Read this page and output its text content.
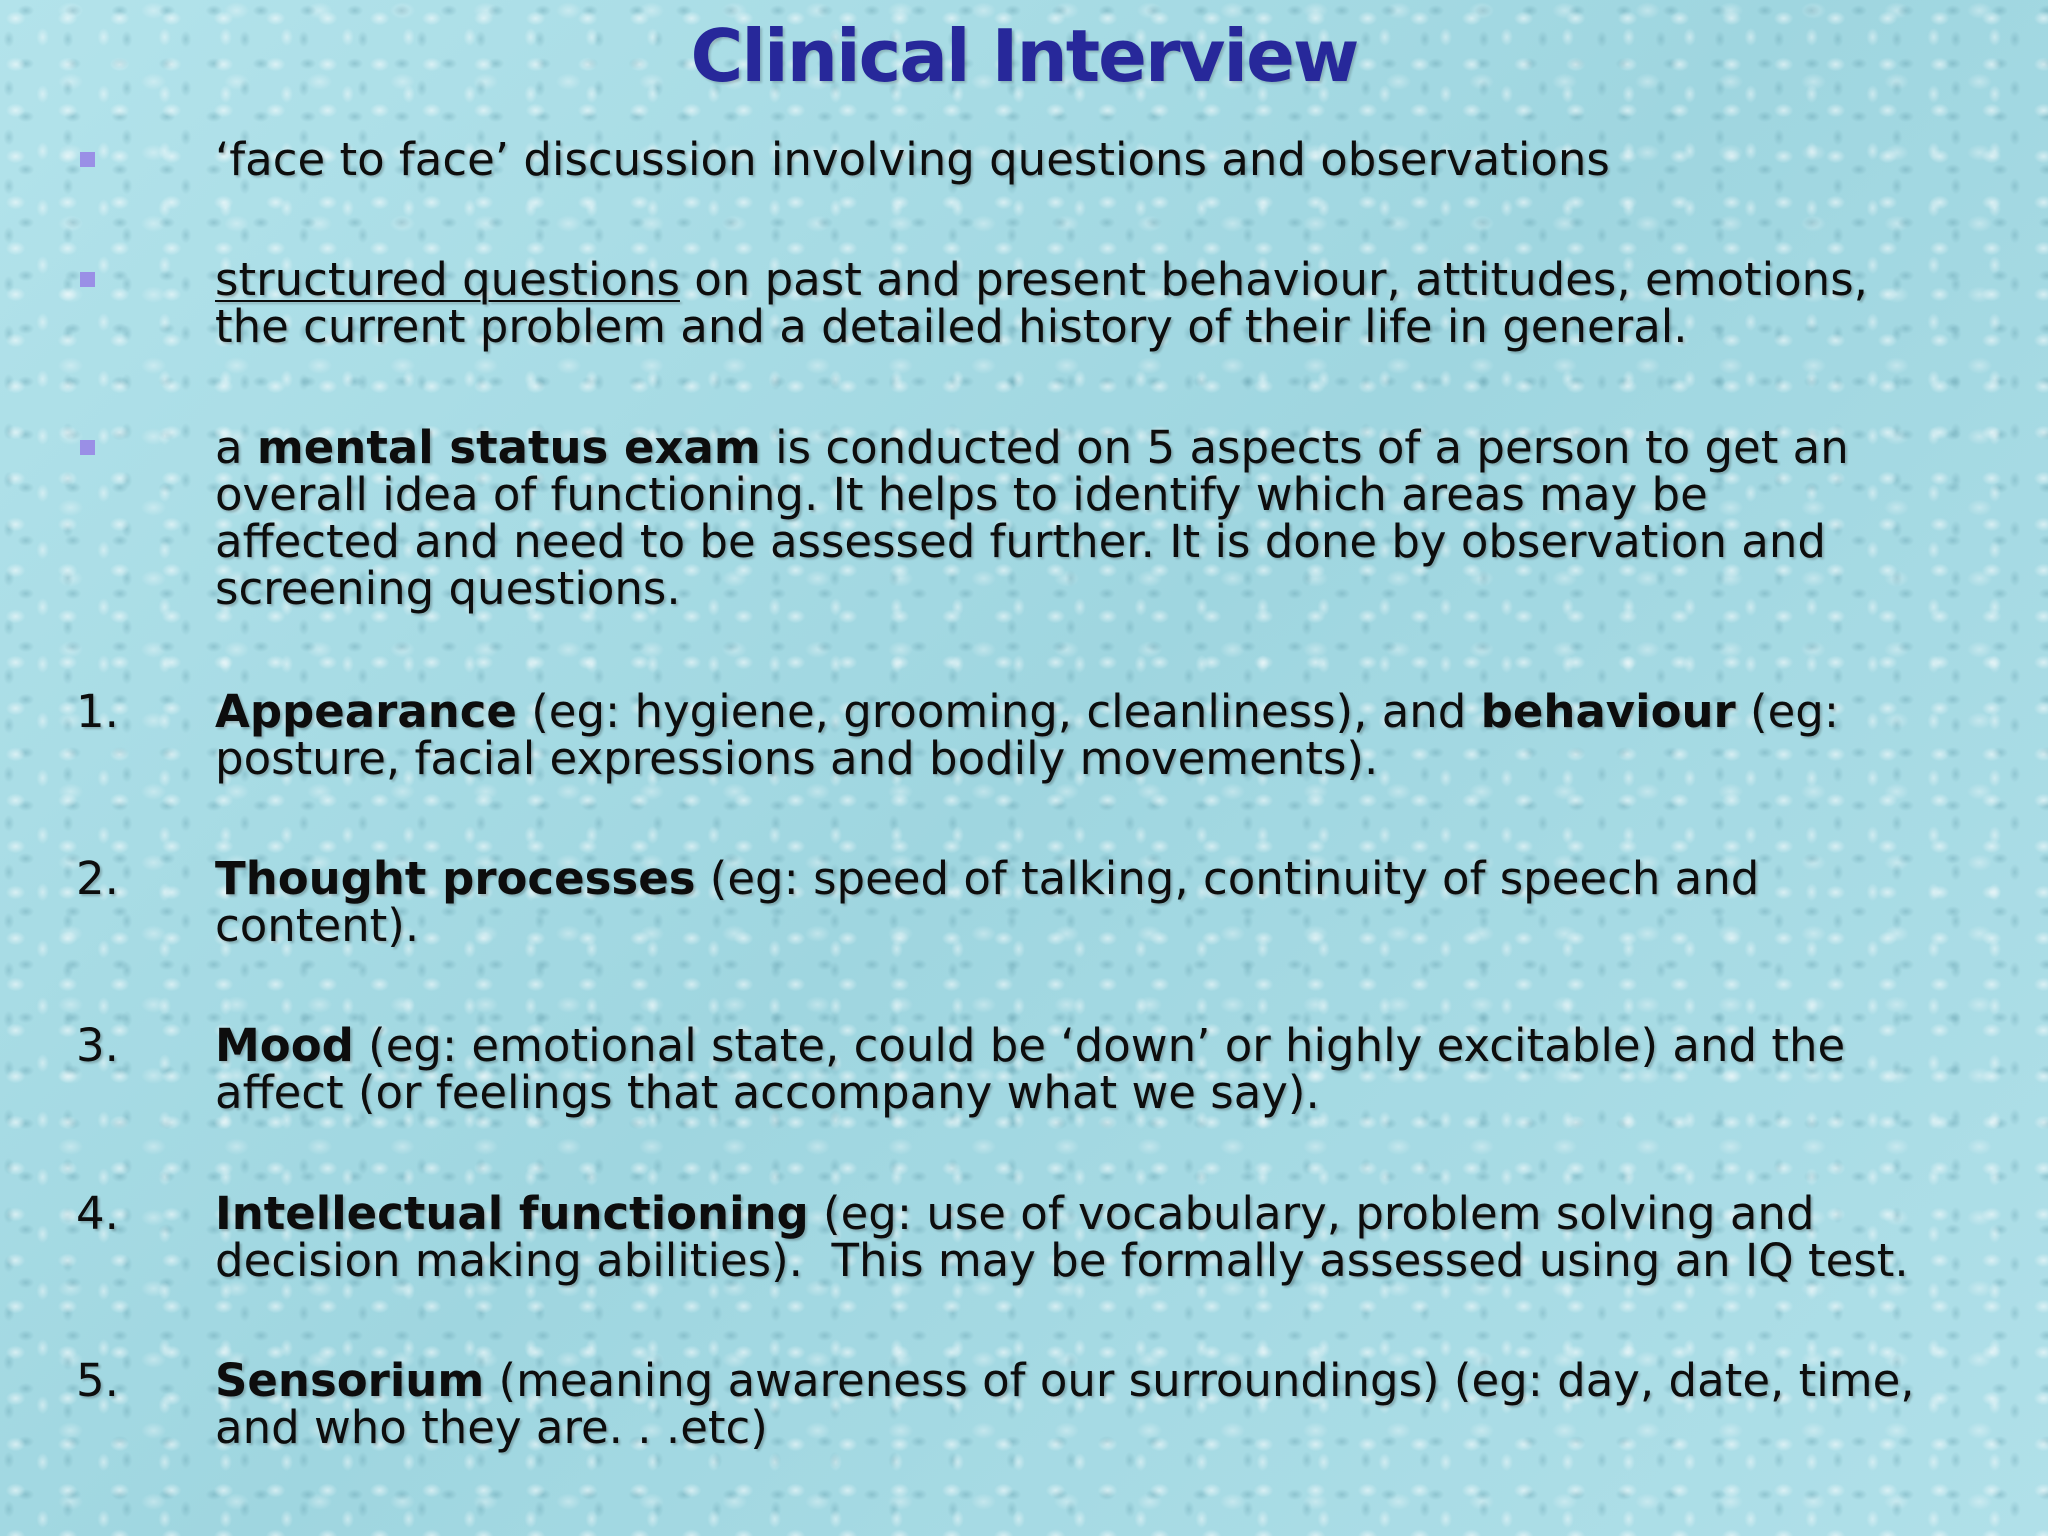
Clinical Interview
‘face to face’ discussion involving questions and observations
structured questions on past and present behaviour, attitudes, emotions,
the current problem and a detailed history of their life in general.
a mental status exam is conducted on 5 aspects of a person to get an
overall idea of functioning. It helps to identify which areas may be
affected and need to be assessed further. It is done by observation and
screening questions.
1. Appearance (eg: hygiene, grooming, cleanliness), and behaviour (eg:
posture, facial expressions and bodily movements).
2. Thought processes (eg: speed of talking, continuity of speech and
content).
3. Mood (eg: emotional state, could be ‘down’ or highly excitable) and the
affect (or feelings that accompany what we say).
4. Intellectual functioning (eg: use of vocabulary, problem solving and
decision making abilities).  This may be formally assessed using an IQ test.
5. Sensorium (meaning awareness of our surroundings) (eg: day, date, time,
and who they are. . .etc)
